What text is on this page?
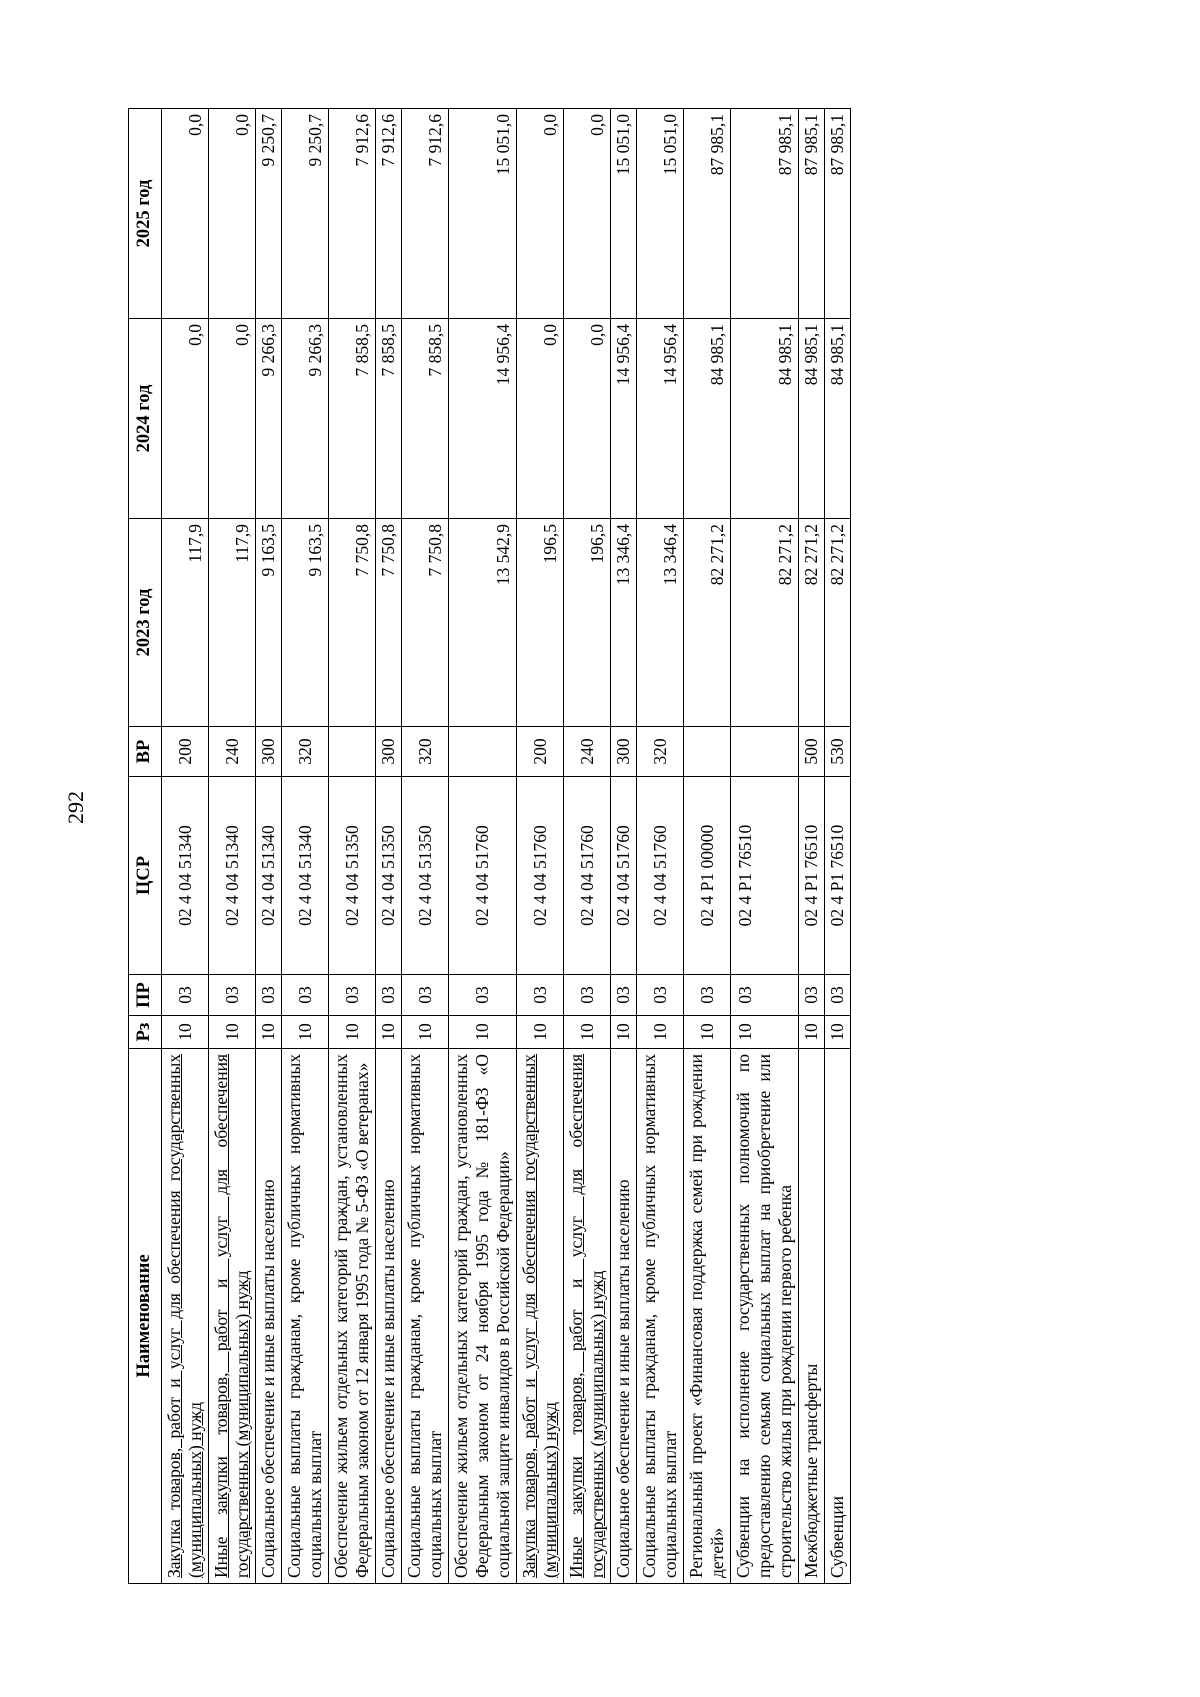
292
Наименование	Рз	ПР	ЦСР	ВР	2023 год	2024 год	2025 год
Закупка товаров, работ и услуг для обеспечения государственных (муниципальных) нужд	10	03	02 4 04 51340	200	117,9	0,0	0,0
Иные закупки товаров, работ и услуг для обеспечения государственных (муниципальных) нужд	10	03	02 4 04 51340	240	117,9	0,0	0,0
Социальное обеспечение и иные выплаты населению	10	03	02 4 04 51340	300	9 163,5	9 266,3	9 250,7
Социальные выплаты гражданам, кроме публичных нормативных социальных выплат	10	03	02 4 04 51340	320	9 163,5	9 266,3	9 250,7
Обеспечение жильем отдельных категорий граждан, установленных Федеральным законом от 12 января 1995 года № 5-ФЗ «О ветеранах»	10	03	02 4 04 51350		7 750,8	7 858,5	7 912,6
Социальное обеспечение и иные выплаты населению	10	03	02 4 04 51350	300	7 750,8	7 858,5	7 912,6
Социальные выплаты гражданам, кроме публичных нормативных социальных выплат	10	03	02 4 04 51350	320	7 750,8	7 858,5	7 912,6
Обеспечение жильем отдельных категорий граждан, установленных Федеральным законом от 24 ноября 1995 года № 181-ФЗ «О социальной защите инвалидов в Российской Федерации»	10	03	02 4 04 51760		13 542,9	14 956,4	15 051,0
Закупка товаров, работ и услуг для обеспечения государственных (муниципальных) нужд	10	03	02 4 04 51760	200	196,5	0,0	0,0
Иные закупки товаров, работ и услуг для обеспечения государственных (муниципальных) нужд	10	03	02 4 04 51760	240	196,5	0,0	0,0
Социальное обеспечение и иные выплаты населению	10	03	02 4 04 51760	300	13 346,4	14 956,4	15 051,0
Социальные выплаты гражданам, кроме публичных нормативных социальных выплат	10	03	02 4 04 51760	320	13 346,4	14 956,4	15 051,0
Региональный проект «Финансовая поддержка семей при рождении детей»	10	03	02 4 P1 00000		82 271,2	84 985,1	87 985,1
Субвенции на исполнение государственных полномочий по предоставлению семьям социальных выплат на приобретение или строительство жилья при рождении первого ребенка	10	03	02 4 P1 76510		82 271,2	84 985,1	87 985,1
Межбюджетные трансферты	10	03	02 4 P1 76510	500	82 271,2	84 985,1	87 985,1
Субвенции	10	03	02 4 P1 76510	530	82 271,2	84 985,1	87 985,1
